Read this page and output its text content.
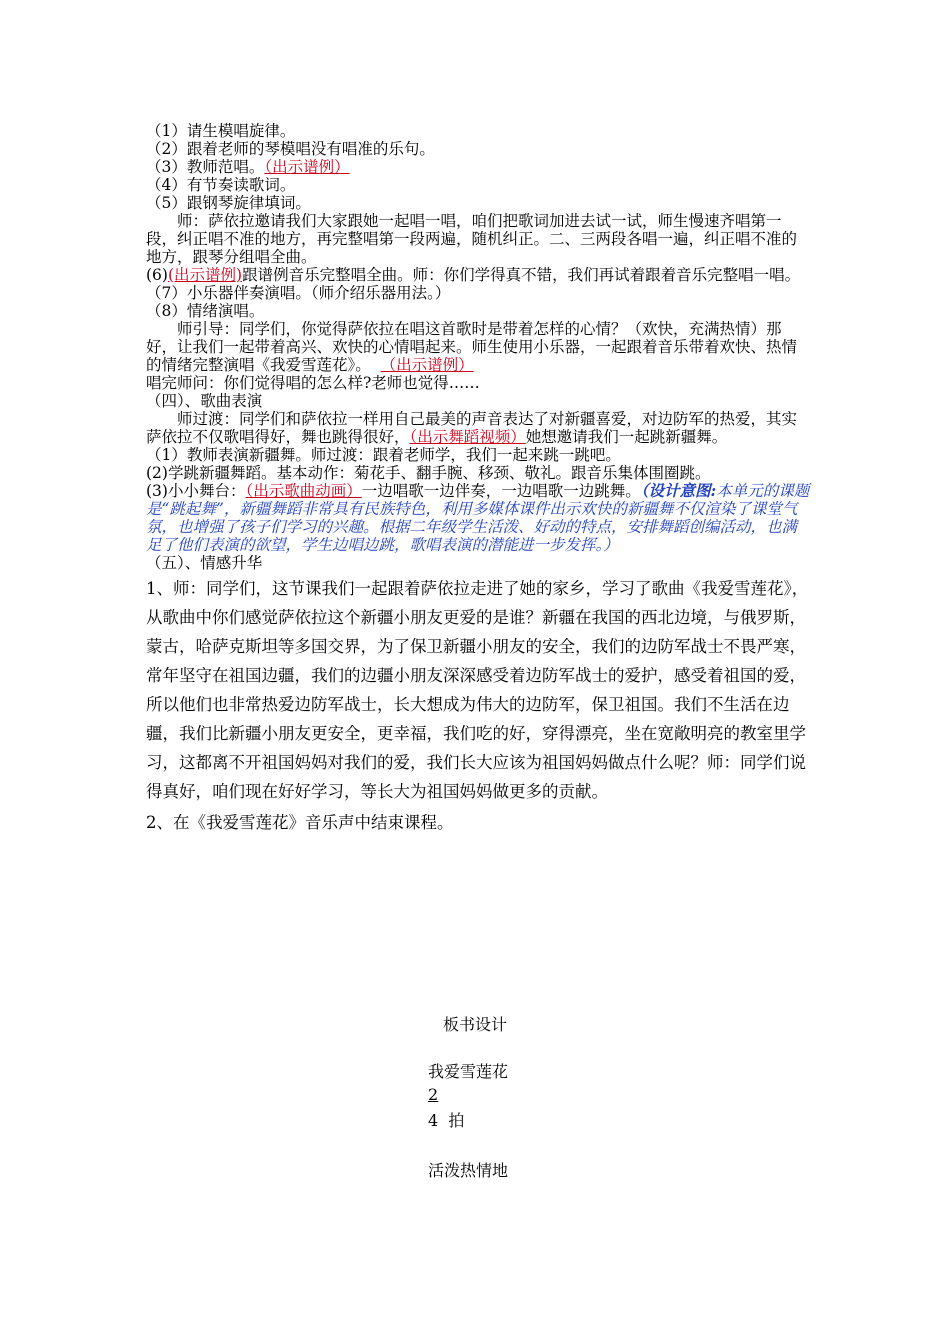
（1）请生模唱旋律。
（2）跟着老师的琴模唱没有唱准的乐句。
（3）教师范唱。（出示谱例）
（4）有节奏读歌词。
（5）跟钢琴旋律填词。
师：萨依拉邀请我们大家跟她一起唱一唱，咱们把歌词加进去试一试，师生慢速齐唱第一段，纠正唱不准的地方，再完整唱第一段两遍，随机纠正。二、三两段各唱一遍，纠正唱不准的地方，跟琴分组唱全曲。
(6)(出示谱例)跟谱例音乐完整唱全曲。师：你们学得真不错，我们再试着跟着音乐完整唱一唱。
（7）小乐器伴奏演唱。（师介绍乐器用法。）
（8）情绪演唱。
师引导：同学们，你觉得萨依拉在唱这首歌时是带着怎样的心情？（欢快，充满热情）那好，让我们一起带着高兴、欢快的心情唱起来。师生使用小乐器，一起跟着音乐带着欢快、热情的情绪完整演唱《我爱雪莲花》。 （出示谱例）
唱完师问：你们觉得唱的怎么样?老师也觉得……
（四）、歌曲表演
师过渡：同学们和萨依拉一样用自己最美的声音表达了对新疆喜爱，对边防军的热爱，其实萨依拉不仅歌唱得好，舞也跳得很好，（出示舞蹈视频）她想邀请我们一起跳新疆舞。
（1）教师表演新疆舞。师过渡：跟着老师学，我们一起来跳一跳吧。
(2)学跳新疆舞蹈。基本动作：菊花手、翻手腕、移颈、敬礼。跟音乐集体围圈跳。
(3)小小舞台：（出示歌曲动画）一边唱歌一边伴奏，一边唱歌一边跳舞。（设计意图:本单元的课题是“跳起舞”，新疆舞蹈非常具有民族特色，利用多媒体课件出示欢快的新疆舞不仅渲染了课堂气氛，也增强了孩子们学习的兴趣。根据二年级学生活泼、好动的特点，安排舞蹈创编活动，也满足了他们表演的欲望，学生边唱边跳，歌唱表演的潜能进一步发挥。）
（五）、情感升华
1、师：同学们，这节课我们一起跟着萨依拉走进了她的家乡，学习了歌曲《我爱雪莲花》，从歌曲中你们感觉萨依拉这个新疆小朋友更爱的是谁？新疆在我国的西北边境，与俄罗斯，蒙古，哈萨克斯坦等多国交界，为了保卫新疆小朋友的安全，我们的边防军战士不畏严寒，常年坚守在祖国边疆，我们的边疆小朋友深深感受着边防军战士的爱护，感受着祖国的爱，所以他们也非常热爱边防军战士，长大想成为伟大的边防军，保卫祖国。我们不生活在边疆，我们比新疆小朋友更安全，更幸福，我们吃的好，穿得漂亮，坐在宽敞明亮的教室里学习，这都离不开祖国妈妈对我们的爱，我们长大应该为祖国妈妈做点什么呢？师：同学们说得真好，咱们现在好好学习，等长大为祖国妈妈做更多的贡献。
2、在《我爱雪莲花》音乐声中结束课程。
板书设计
我爱雪莲花
2
4 拍
活泼热情地
